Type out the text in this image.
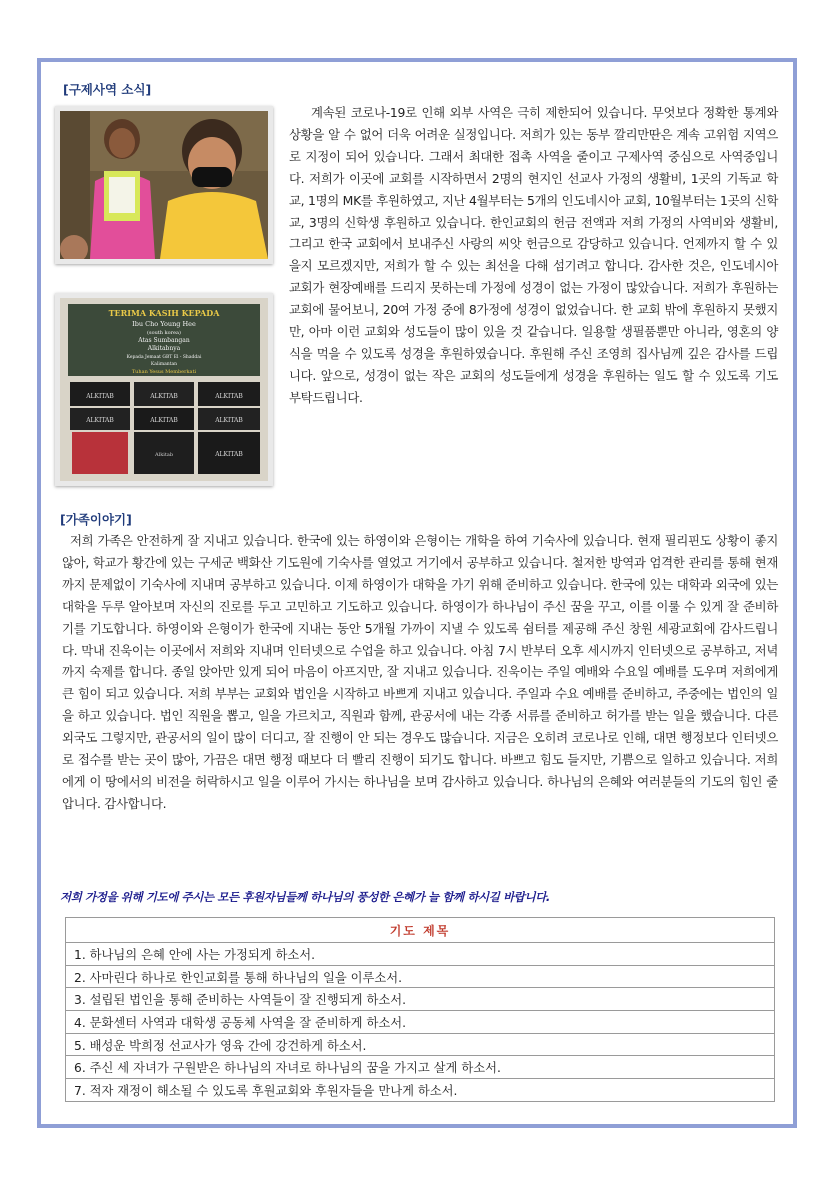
[구제사역 소식]
TERIMA KASIH KEPADA
Ibu Cho Young Hee
(south korea)
Atas Sumbangan
Alkitabnya
Kepada Jemaat GBT El - Shaddai
Kalimantan
Tuhan Yesus Memberkati
ALKITAB	ALKITAB	ALKITAB
ALKITAB	ALKITAB	ALKITAB
ALKITAB
Alkitab

계속된 코로나-19로 인해 외부 사역은 극히 제한되어 있습니다. 무엇보다 정확한 통계와 상황을 알 수 없어 더욱 어려운 실정입니다. 저희가 있는 동부 깔리만딴은 계속 고위험 지역으로 지정이 되어 있습니다. 그래서 최대한 접촉 사역을 줄이고 구제사역 중심으로 사역중입니다. 저희가 이곳에 교회를 시작하면서 2명의 현지인 선교사 가정의 생활비, 1곳의 기독교 학교, 1명의 MK를 후원하였고, 지난 4월부터는 5개의 인도네시아 교회, 10월부터는 1곳의 신학교, 3명의 신학생 후원하고 있습니다. 한인교회의 헌금 전액과 저희 가정의 사역비와 생활비, 그리고 한국 교회에서 보내주신 사랑의 씨앗 헌금으로 감당하고 있습니다. 언제까지 할 수 있을지 모르겠지만, 저희가 할 수 있는 최선을 다해 섬기려고 합니다. 감사한 것은, 인도네시아 교회가 현장예배를 드리지 못하는데 가정에 성경이 없는 가정이 많았습니다. 저희가 후원하는 교회에 물어보니, 20여 가정 중에 8가정에 성경이 없었습니다. 한 교회 밖에 후원하지 못했지만, 아마 이런 교회와 성도들이 많이 있을 것 같습니다. 일용할 생필품뿐만 아니라, 영혼의 양식을 먹을 수 있도록 성경을 후원하였습니다. 후원해 주신 조영희 집사님께 깊은 감사를 드립니다. 앞으로, 성경이 없는 작은 교회의 성도들에게 성경을 후원하는 일도 할 수 있도록 기도 부탁드립니다.

[가족이야기]

저희 가족은 안전하게 잘 지내고 있습니다. 한국에 있는 하영이와 은형이는 개학을 하여 기숙사에 있습니다. 현재 필리핀도 상황이 좋지 않아, 학교가 황간에 있는 구세군 백화산 기도원에 기숙사를 열었고 거기에서 공부하고 있습니다. 철저한 방역과 엄격한 관리를 통해 현재까지 문제없이 기숙사에 지내며 공부하고 있습니다. 이제 하영이가 대학을 가기 위해 준비하고 있습니다. 한국에 있는 대학과 외국에 있는 대학을 두루 알아보며 자신의 진로를 두고 고민하고 기도하고 있습니다. 하영이가 하나님이 주신 꿈을 꾸고, 이를 이룰 수 있게 잘 준비하기를 기도합니다. 하영이와 은형이가 한국에 지내는 동안 5개월 가까이 지낼 수 있도록 쉼터를 제공해 주신 창원 세광교회에 감사드립니다. 막내 진욱이는 이곳에서 저희와 지내며 인터넷으로 수업을 하고 있습니다. 아침 7시 반부터 오후 세시까지 인터넷으로 공부하고, 저녁까지 숙제를 합니다. 종일 앉아만 있게 되어 마음이 아프지만, 잘 지내고 있습니다. 진욱이는 주일 예배와 수요일 예배를 도우며 저희에게 큰 힘이 되고 있습니다. 저희 부부는 교회와 법인을 시작하고 바쁘게 지내고 있습니다. 주일과 수요 예배를 준비하고, 주중에는 법인의 일을 하고 있습니다. 법인 직원을 뽑고, 일을 가르치고, 직원과 함께, 관공서에 내는 각종 서류를 준비하고 허가를 받는 일을 했습니다. 다른 외국도 그렇지만, 관공서의 일이 많이 더디고, 잘 진행이 안 되는 경우도 많습니다. 지금은 오히려 코로나로 인해, 대면 행정보다 인터넷으로 접수를 받는 곳이 많아, 가끔은 대면 행정 때보다 더 빨리 진행이 되기도 합니다. 바쁘고 힘도 들지만, 기쁨으로 일하고 있습니다. 저희에게 이 땅에서의 비전을 허락하시고 일을 이루어 가시는 하나님을 보며 감사하고 있습니다. 하나님의 은혜와 여러분들의 기도의 힘인 줄 압니다. 감사합니다.

저희 가정을 위해 기도에 주시는 모든 후원자님들께 하나님의 풍성한 은혜가 늘 함께 하시길 바랍니다.
기도 제목
1. 하나님의 은혜 안에 사는 가정되게 하소서.
2. 사마린다 하나로 한인교회를 통해 하나님의 일을 이루소서.
3. 설립된 법인을 통해 준비하는 사역들이 잘 진행되게 하소서.
4. 문화센터 사역과 대학생 공동체 사역을 잘 준비하게 하소서.
5. 배성운 박희정 선교사가 영육 간에 강건하게 하소서.
6. 주신 세 자녀가 구원받은 하나님의 자녀로 하나님의 꿈을 가지고 살게 하소서.
7. 적자 재정이 해소될 수 있도록 후원교회와 후원자들을 만나게 하소서.
